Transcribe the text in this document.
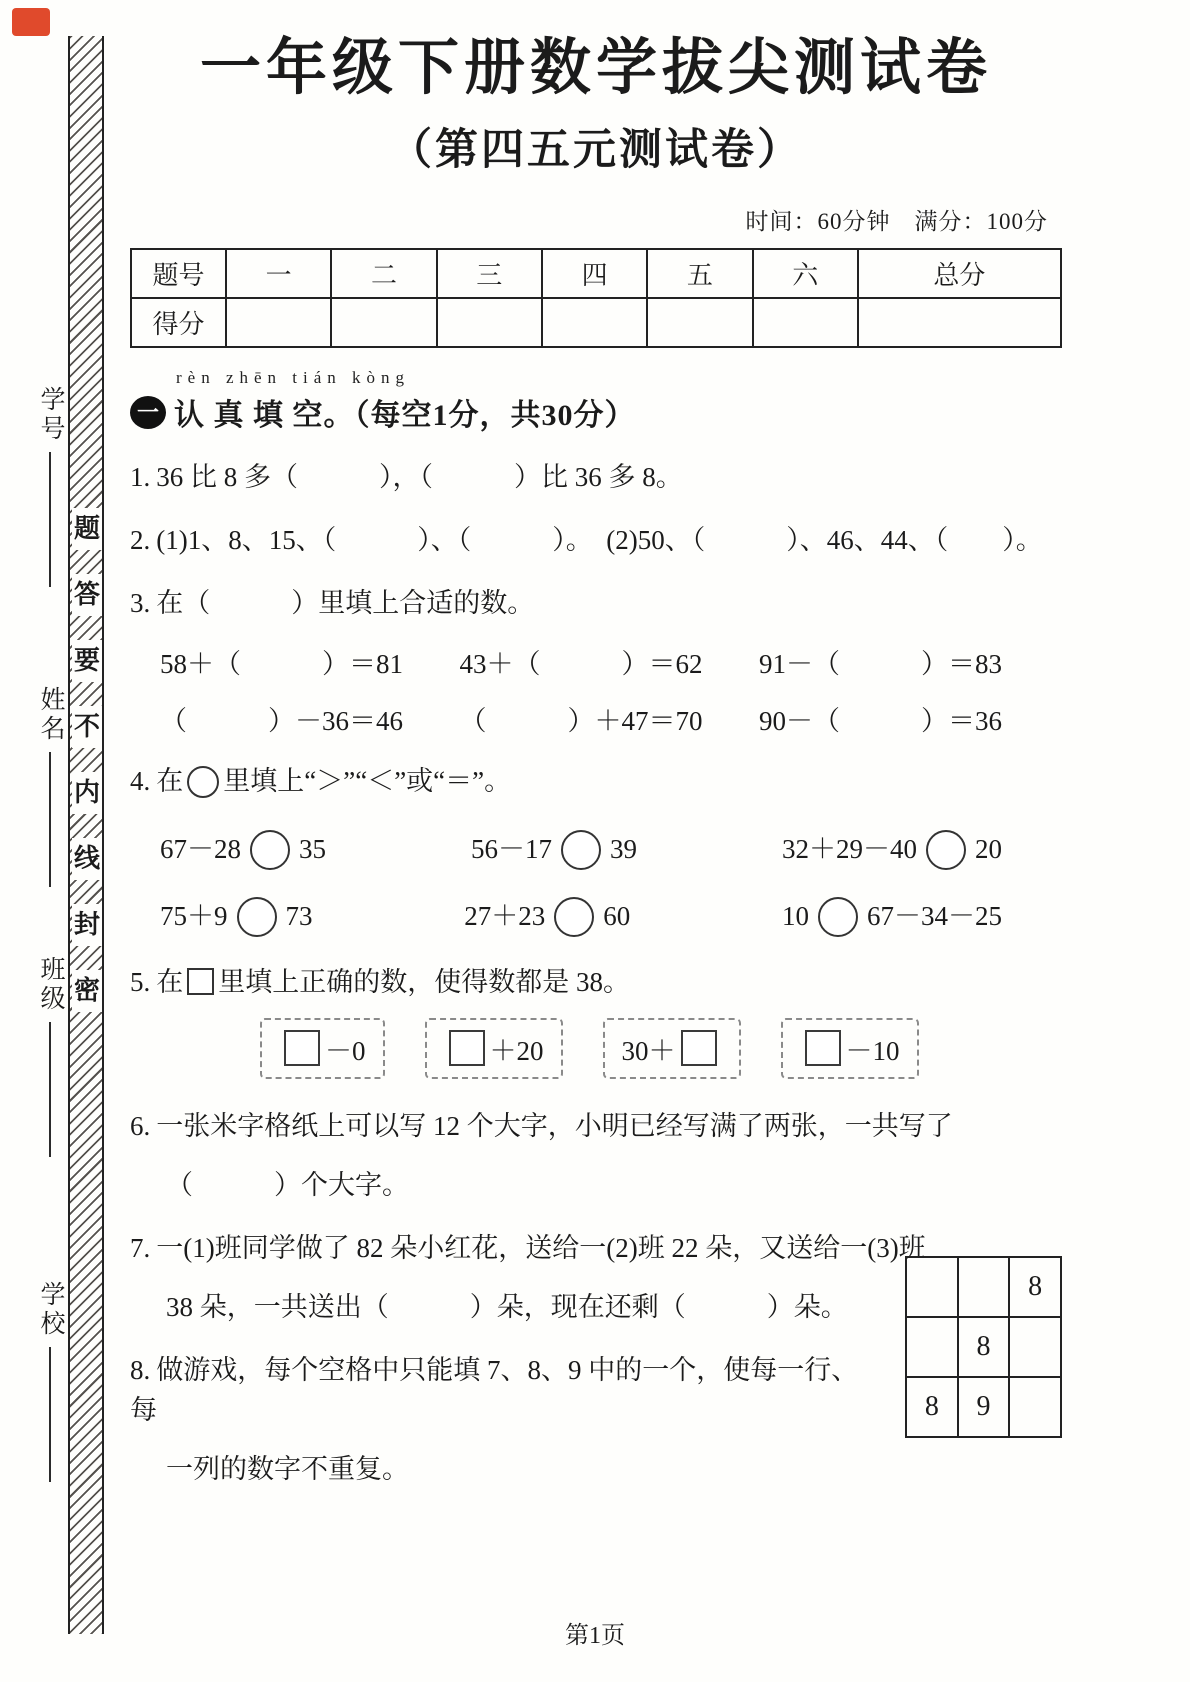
学号
姓名
班级
学校
题
答
要
不
内
线
封
密
一年级下册数学拔尖测试卷
（第四五元测试卷）
时间：60分钟　满分：100分
题号	一	二	三	四	五	六	总分
得分							
rèn zhēn tián kòng
一 认 真 填 空。（每空1分，共30分）
1. 36 比 8 多（　　　），（　　　）比 36 多 8。
2. (1)1、8、15、（　　　）、（　　　）。　(2)50、（　　　）、46、44、（　　）。
3. 在（　　　）里填上合适的数。
58＋（　　　）＝81 43＋（　　　）＝62 91－（　　　）＝83
（　　　）－36＝46 （　　　）＋47＝70 90－（　　　）＝36
4. 在 里填上“＞”“＜”或“＝”。
67－28 35	56－17 39	32＋29－40 20
75＋9 73	27＋23 60	10 67－34－25
5. 在 里填上正确的数，使得数都是 38。
－0	＋20	30＋	－10
6. 一张米字格纸上可以写 12 个大字，小明已经写满了两张，一共写了
（　　　）个大字。
7. 一(1)班同学做了 82 朵小红花，送给一(2)班 22 朵，又送给一(3)班
38 朵，一共送出（　　　）朵，现在还剩（　　　）朵。
8. 做游戏，每个空格中只能填 7、8、9 中的一个，使每一行、每
一列的数字不重复。
		8
	8	
8	9	
第1页
